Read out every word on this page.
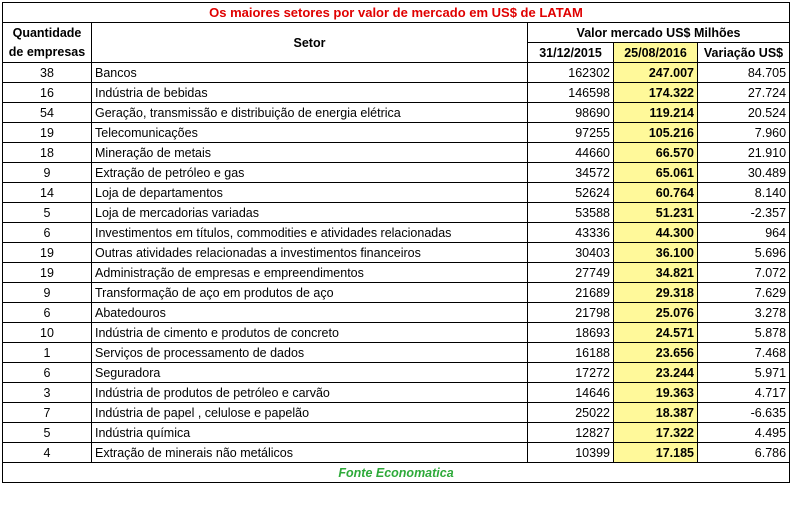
Os maiores setores por valor de mercado em US$ de LATAM				
Quantidade
de empresas	Setor	Valor mercado US$ Milhões		
		31/12/2015	25/08/2016	Variação US$
38	Bancos	162302	247.007	84.705
16	Indústria de bebidas	146598	174.322	27.724
54	Geração, transmissão e distribuição de energia elétrica	98690	119.214	20.524
19	Telecomunicações	97255	105.216	7.960
18	Mineração de metais	44660	66.570	21.910
9	Extração de petróleo e gas	34572	65.061	30.489
14	Loja de departamentos	52624	60.764	8.140
5	Loja de mercadorias variadas	53588	51.231	-2.357
6	Investimentos em títulos, commodities e atividades relacionadas	43336	44.300	964
19	Outras atividades relacionadas a investimentos financeiros	30403	36.100	5.696
19	Administração de empresas e empreendimentos	27749	34.821	7.072
9	Transformação de aço em produtos de aço	21689	29.318	7.629
6	Abatedouros	21798	25.076	3.278
10	Indústria de cimento e produtos de concreto	18693	24.571	5.878
1	Serviços de processamento de dados	16188	23.656	7.468
6	Seguradora	17272	23.244	5.971
3	Indústria de produtos de petróleo e carvão	14646	19.363	4.717
7	Indústria de papel , celulose e papelão	25022	18.387	-6.635
5	Indústria química	12827	17.322	4.495
4	Extração de minerais não metálicos	10399	17.185	6.786
Fonte Economatica				
